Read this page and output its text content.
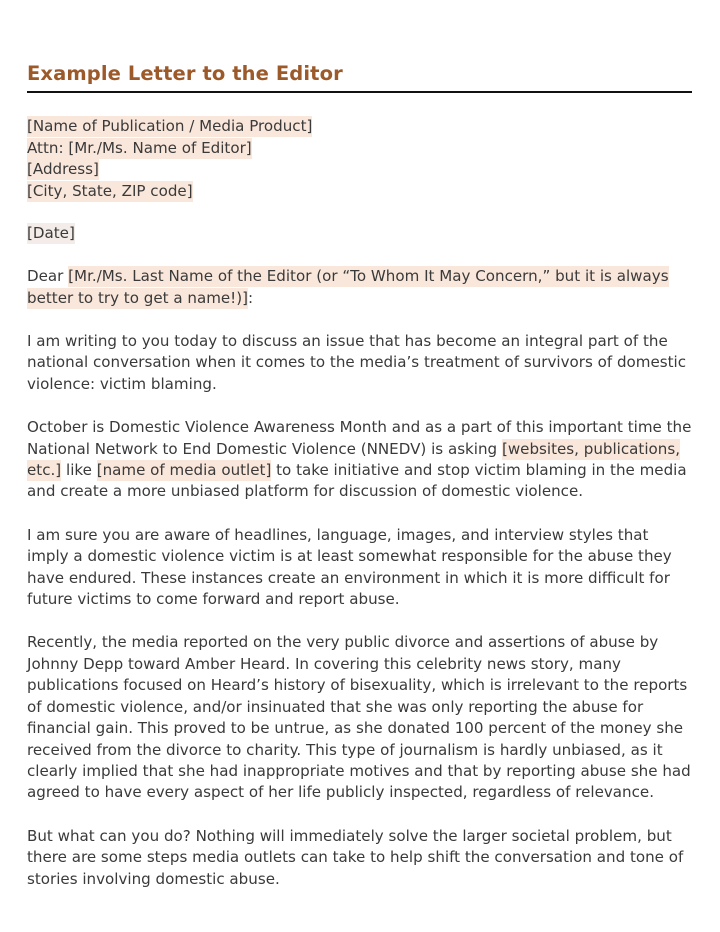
Example Letter to the Editor
[Name of Publication / Media Product]
Attn: [Mr./Ms. Name of Editor]
[Address]
[City, State, ZIP code]

[Date]

Dear [Mr./Ms. Last Name of the Editor (or “To Whom It May Concern,” but it is always better to try to get a name!)]:

I am writing to you today to discuss an issue that has become an integral part of the national conversation when it comes to the media’s treatment of survivors of domestic violence: victim blaming.

October is Domestic Violence Awareness Month and as a part of this important time the National Network to End Domestic Violence (NNEDV) is asking [websites, publications, etc.] like [name of media outlet] to take initiative and stop victim blaming in the media and create a more unbiased platform for discussion of domestic violence.

I am sure you are aware of headlines, language, images, and interview styles that imply a domestic violence victim is at least somewhat responsible for the abuse they have endured. These instances create an environment in which it is more difficult for future victims to come forward and report abuse.

Recently, the media reported on the very public divorce and assertions of abuse by Johnny Depp toward Amber Heard. In covering this celebrity news story, many publications focused on Heard’s history of bisexuality, which is irrelevant to the reports of domestic violence, and/or insinuated that she was only reporting the abuse for financial gain. This proved to be untrue, as she donated 100 percent of the money she received from the divorce to charity. This type of journalism is hardly unbiased, as it clearly implied that she had inappropriate motives and that by reporting abuse she had agreed to have every aspect of her life publicly inspected, regardless of relevance.

But what can you do? Nothing will immediately solve the larger societal problem, but there are some steps media outlets can take to help shift the conversation and tone of stories involving domestic abuse.
